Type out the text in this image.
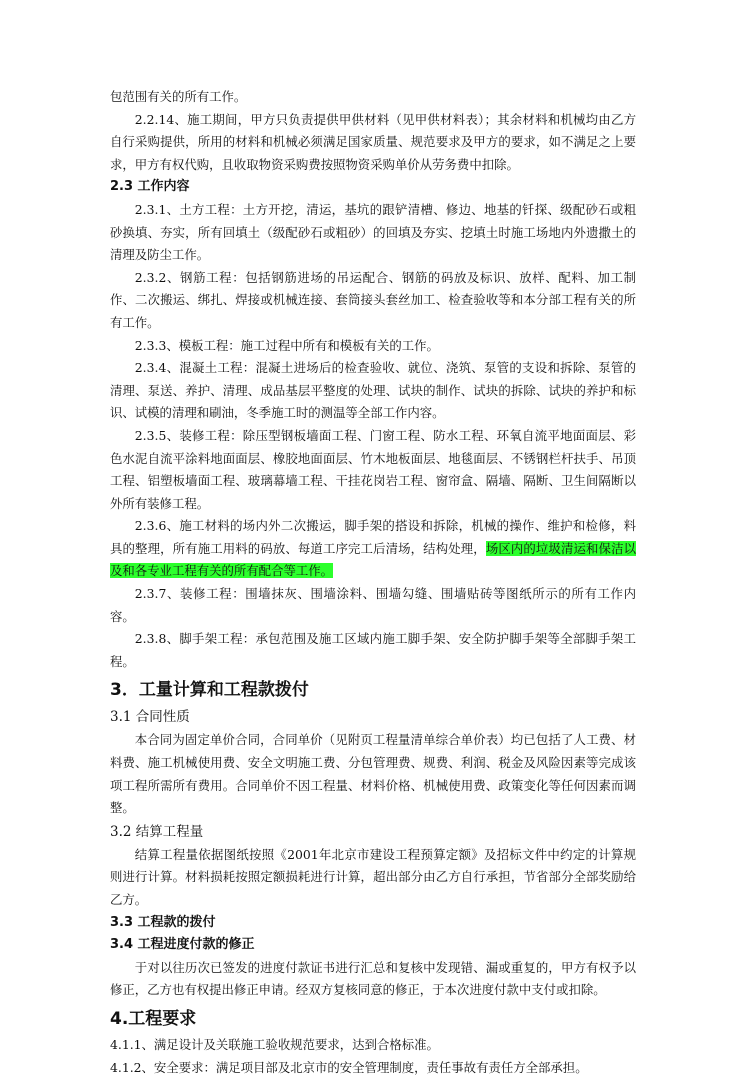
包范围有关的所有工作。

2.2.14、施工期间，甲方只负责提供甲供材料（见甲供材料表）；其余材料和机械均由乙方自行采购提供，所用的材料和机械必须满足国家质量、规范要求及甲方的要求，如不满足之上要求，甲方有权代购，且收取物资采购费按照物资采购单价从劳务费中扣除。

2.3 工作内容

2.3.1、土方工程：土方开挖，清运，基坑的跟铲清槽、修边、地基的钎探、级配砂石或粗砂换填、夯实，所有回填土（级配砂石或粗砂）的回填及夯实、挖填土时施工场地内外遗撒土的清理及防尘工作。

2.3.2、钢筋工程：包括钢筋进场的吊运配合、钢筋的码放及标识、放样、配料、加工制作、二次搬运、绑扎、焊接或机械连接、套筒接头套丝加工、检查验收等和本分部工程有关的所有工作。

2.3.3、模板工程：施工过程中所有和模板有关的工作。

2.3.4、混凝土工程：混凝土进场后的检查验收、就位、浇筑、泵管的支设和拆除、泵管的清理、泵送、养护、清理、成品基层平整度的处理、试块的制作、试块的拆除、试块的养护和标识、试模的清理和刷油，冬季施工时的测温等全部工作内容。

2.3.5、装修工程：除压型钢板墙面工程、门窗工程、防水工程、环氧自流平地面面层、彩色水泥自流平涂料地面面层、橡胶地面面层、竹木地板面层、地毯面层、不锈钢栏杆扶手、吊顶工程、铝塑板墙面工程、玻璃幕墙工程、干挂花岗岩工程、窗帘盒、隔墙、隔断、卫生间隔断以外所有装修工程。

2.3.6、施工材料的场内外二次搬运，脚手架的搭设和拆除，机械的操作、维护和检修，料具的整理，所有施工用料的码放、每道工序完工后清场，结构处理，场区内的垃圾清运和保洁以及和各专业工程有关的所有配合等工作。

2.3.7、装修工程：围墙抹灰、围墙涂料、围墙勾缝、围墙贴砖等图纸所示的所有工作内容。

2.3.8、脚手架工程：承包范围及施工区域内施工脚手架、安全防护脚手架等全部脚手架工程。

3．工量计算和工程款拨付

3.1 合同性质

本合同为固定单价合同，合同单价（见附页工程量清单综合单价表）均已包括了人工费、材料费、施工机械使用费、安全文明施工费、分包管理费、规费、利润、税金及风险因素等完成该项工程所需所有费用。合同单价不因工程量、材料价格、机械使用费、政策变化等任何因素而调整。

3.2 结算工程量

结算工程量依据图纸按照《2001年北京市建设工程预算定额》及招标文件中约定的计算规则进行计算。材料损耗按照定额损耗进行计算，超出部分由乙方自行承担，节省部分全部奖励给乙方。

3.3 工程款的拨付

3.4 工程进度付款的修正

于对以往历次已签发的进度付款证书进行汇总和复核中发现错、漏或重复的，甲方有权予以修正，乙方也有权提出修正申请。经双方复核同意的修正，于本次进度付款中支付或扣除。

4.工程要求

4.1.1、满足设计及关联施工验收规范要求，达到合格标准。

4.1.2、安全要求：满足项目部及北京市的安全管理制度，责任事故有责任方全部承担。
